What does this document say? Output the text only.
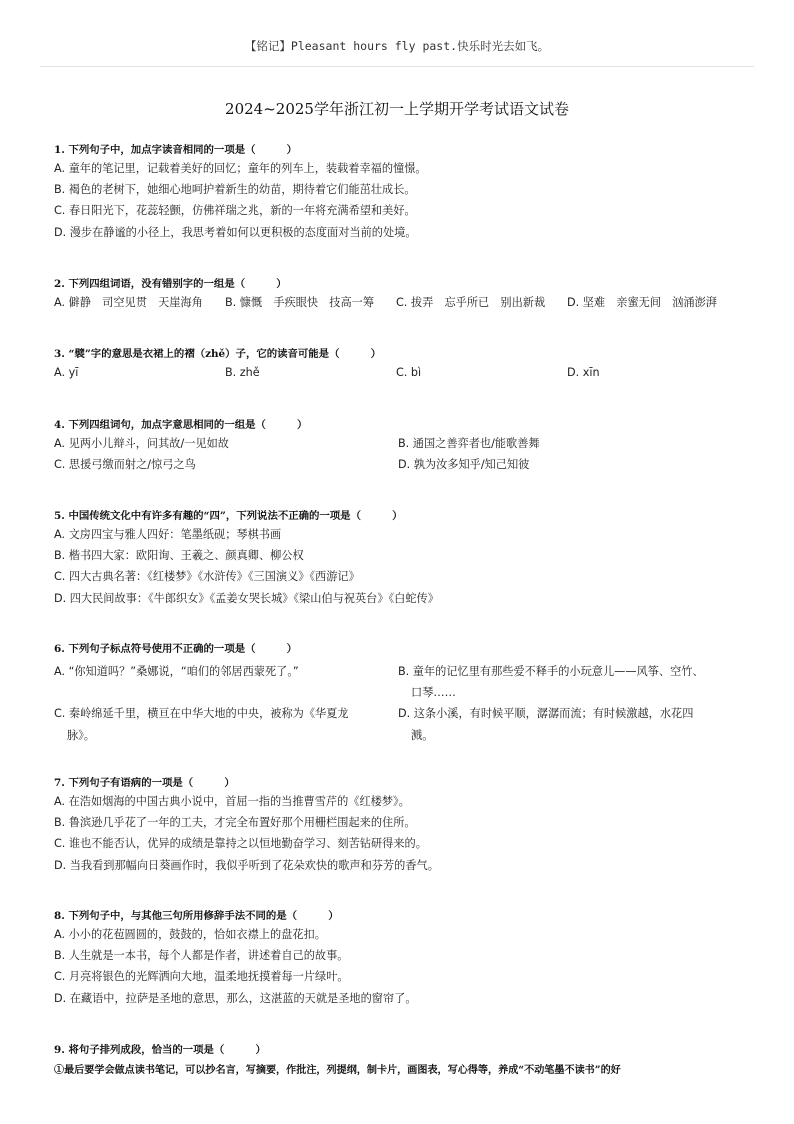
【铭记】Pleasant hours fly past.快乐时光去如飞。
2024~2025学年浙江初一上学期开学考试语文试卷
1. 下列句子中，加点字读音相同的一项是（　　　）
A. 童年的笔记里，记载着美好的回忆；童年的列车上，装载着幸福的憧憬。
B. 褐色的老树下，她细心地呵护着新生的幼苗，期待着它们能茁壮成长。
C. 春日阳光下，花蕊轻颤，仿佛祥瑞之兆，新的一年将充满希望和美好。
D. 漫步在静谧的小径上，我思考着如何以更积极的态度面对当前的处境。
2. 下列四组词语，没有错别字的一组是（　　　）
A. 僻静　司空见贯　天崖海角	B. 慷慨　手疾眼快　技高一筹	C. 拔弄　忘乎所已　别出新裁	D. 坚难　亲蜜无间　汹涌澎湃
3. “襞”字的意思是衣裙上的褶（zhě）子，它的读音可能是（　　　）
A. yī	B. zhě	C. bì	D. xīn
4. 下列四组词句，加点字意思相同的一组是（　　　）
A. 见两小儿辩斗，问其故/一见如故	B. 通国之善弈者也/能歌善舞
C. 思援弓缴而射之/惊弓之鸟	D. 孰为汝多知乎/知己知彼
5. 中国传统文化中有许多有趣的“四”，下列说法不正确的一项是（　　　）
A. 文房四宝与雅人四好：笔墨纸砚；琴棋书画
B. 楷书四大家：欧阳询、王羲之、颜真卿、柳公权
C. 四大古典名著：《红楼梦》《水浒传》《三国演义》《西游记》
D. 四大民间故事：《牛郎织女》《孟姜女哭长城》《梁山伯与祝英台》《白蛇传》
6. 下列句子标点符号使用不正确的一项是（　　　）
A. “你知道吗？”桑娜说，“咱们的邻居西蒙死了。”	B. 童年的记忆里有那些爱不释手的小玩意儿——风筝、空竹、
口琴……
C. 秦岭绵延千里，横亘在中华大地的中央，被称为《华夏龙
脉》。
D. 这条小溪，有时候平顺，潺潺而流；有时候激越，水花四
溅。
7. 下列句子有语病的一项是（　　　）
A. 在浩如烟海的中国古典小说中，首屈一指的当推曹雪芹的《红楼梦》。
B. 鲁滨逊几乎花了一年的工夫，才完全布置好那个用栅栏围起来的住所。
C. 谁也不能否认，优异的成绩是靠持之以恒地勤奋学习、刻苦钻研得来的。
D. 当我看到那幅向日葵画作时，我似乎听到了花朵欢快的歌声和芬芳的香气。
8. 下列句子中，与其他三句所用修辞手法不同的是（　　　）
A. 小小的花苞圆圆的，鼓鼓的，恰如衣襟上的盘花扣。
B. 人生就是一本书，每个人都是作者，讲述着自己的故事。
C. 月亮将银色的光辉洒向大地，温柔地抚摸着每一片绿叶。
D. 在藏语中，拉萨是圣地的意思，那么，这湛蓝的天就是圣地的窗帘了。
9. 将句子排列成段，恰当的一项是（　　　）
①最后要学会做点读书笔记，可以抄名言，写摘要，作批注，列提纲，制卡片，画图表，写心得等，养成“不动笔墨不读书”的好
